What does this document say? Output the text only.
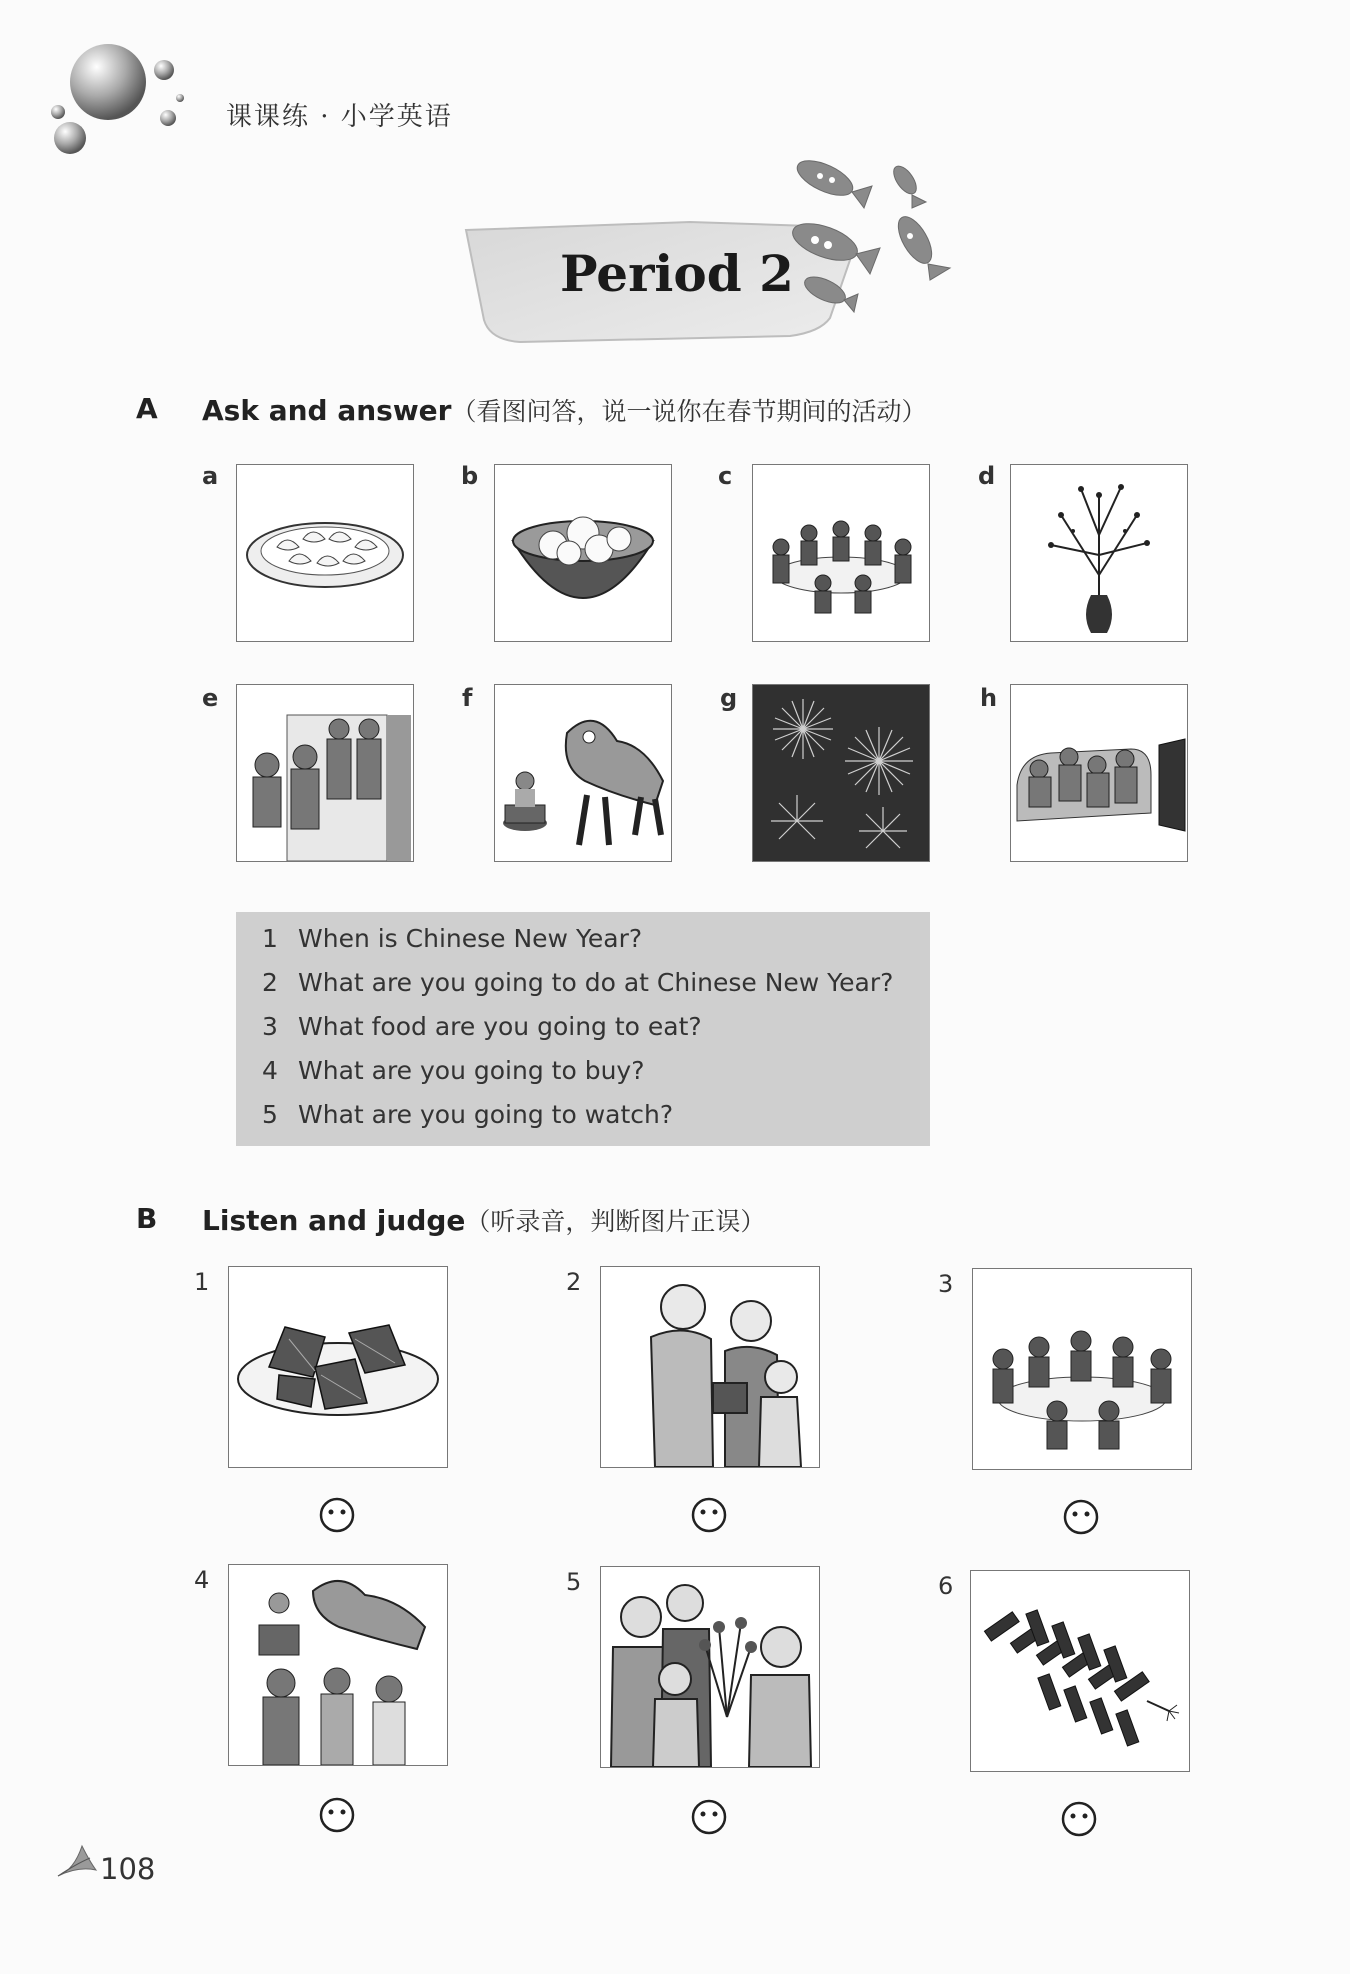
课课练 · 小学英语
Period 2
A Ask and answer（看图问答，说一说你在春节期间的活动）
a	b	c	d
e	f	g	h
1 When is Chinese New Year?
2 What are you going to do at Chinese New Year?
3 What food are you going to eat?
4 What are you going to buy?
5 What are you going to watch?
B Listen and judge（听录音，判断图片正误）
1	2	3
4	5	6
108
